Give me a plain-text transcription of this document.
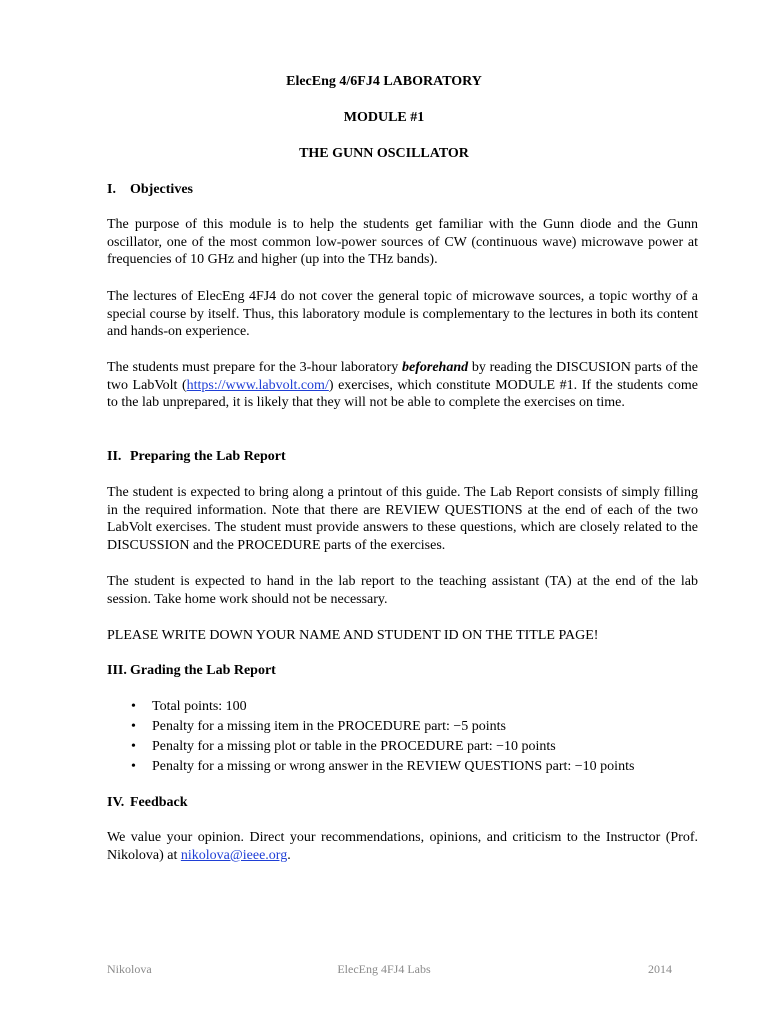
ElecEng 4/6FJ4 LABORATORY
MODULE #1
THE GUNN OSCILLATOR
I. Objectives

The purpose of this module is to help the students get familiar with the Gunn diode and the Gunn oscillator, one of the most common low-power sources of CW (continuous wave) microwave power at frequencies of 10 GHz and higher (up into the THz bands).

The lectures of ElecEng 4FJ4 do not cover the general topic of microwave sources, a topic worthy of a special course by itself. Thus, this laboratory module is complementary to the lectures in both its content and hands-on experience.

The students must prepare for the 3-hour laboratory beforehand by reading the DISCUSION parts of the two LabVolt (https://www.labvolt.com/) exercises, which constitute MODULE #1. If the students come to the lab unprepared, it is likely that they will not be able to complete the exercises on time.

II. Preparing the Lab Report

The student is expected to bring along a printout of this guide. The Lab Report consists of simply filling in the required information. Note that there are REVIEW QUESTIONS at the end of each of the two LabVolt exercises. The student must provide answers to these questions, which are closely related to the DISCUSSION and the PROCEDURE parts of the exercises.

The student is expected to hand in the lab report to the teaching assistant (TA) at the end of the lab session. Take home work should not be necessary.

PLEASE WRITE DOWN YOUR NAME AND STUDENT ID ON THE TITLE PAGE!

III. Grading the Lab Report
• Total points: 100
• Penalty for a missing item in the PROCEDURE part: −5 points
• Penalty for a missing plot or table in the PROCEDURE part: −10 points
• Penalty for a missing or wrong answer in the REVIEW QUESTIONS part: −10 points
IV. Feedback

We value your opinion. Direct your recommendations, opinions, and criticism to the Instructor (Prof. Nikolova) at nikolova@ieee.org.

Nikolova	ElecEng 4FJ4 Labs	2014
